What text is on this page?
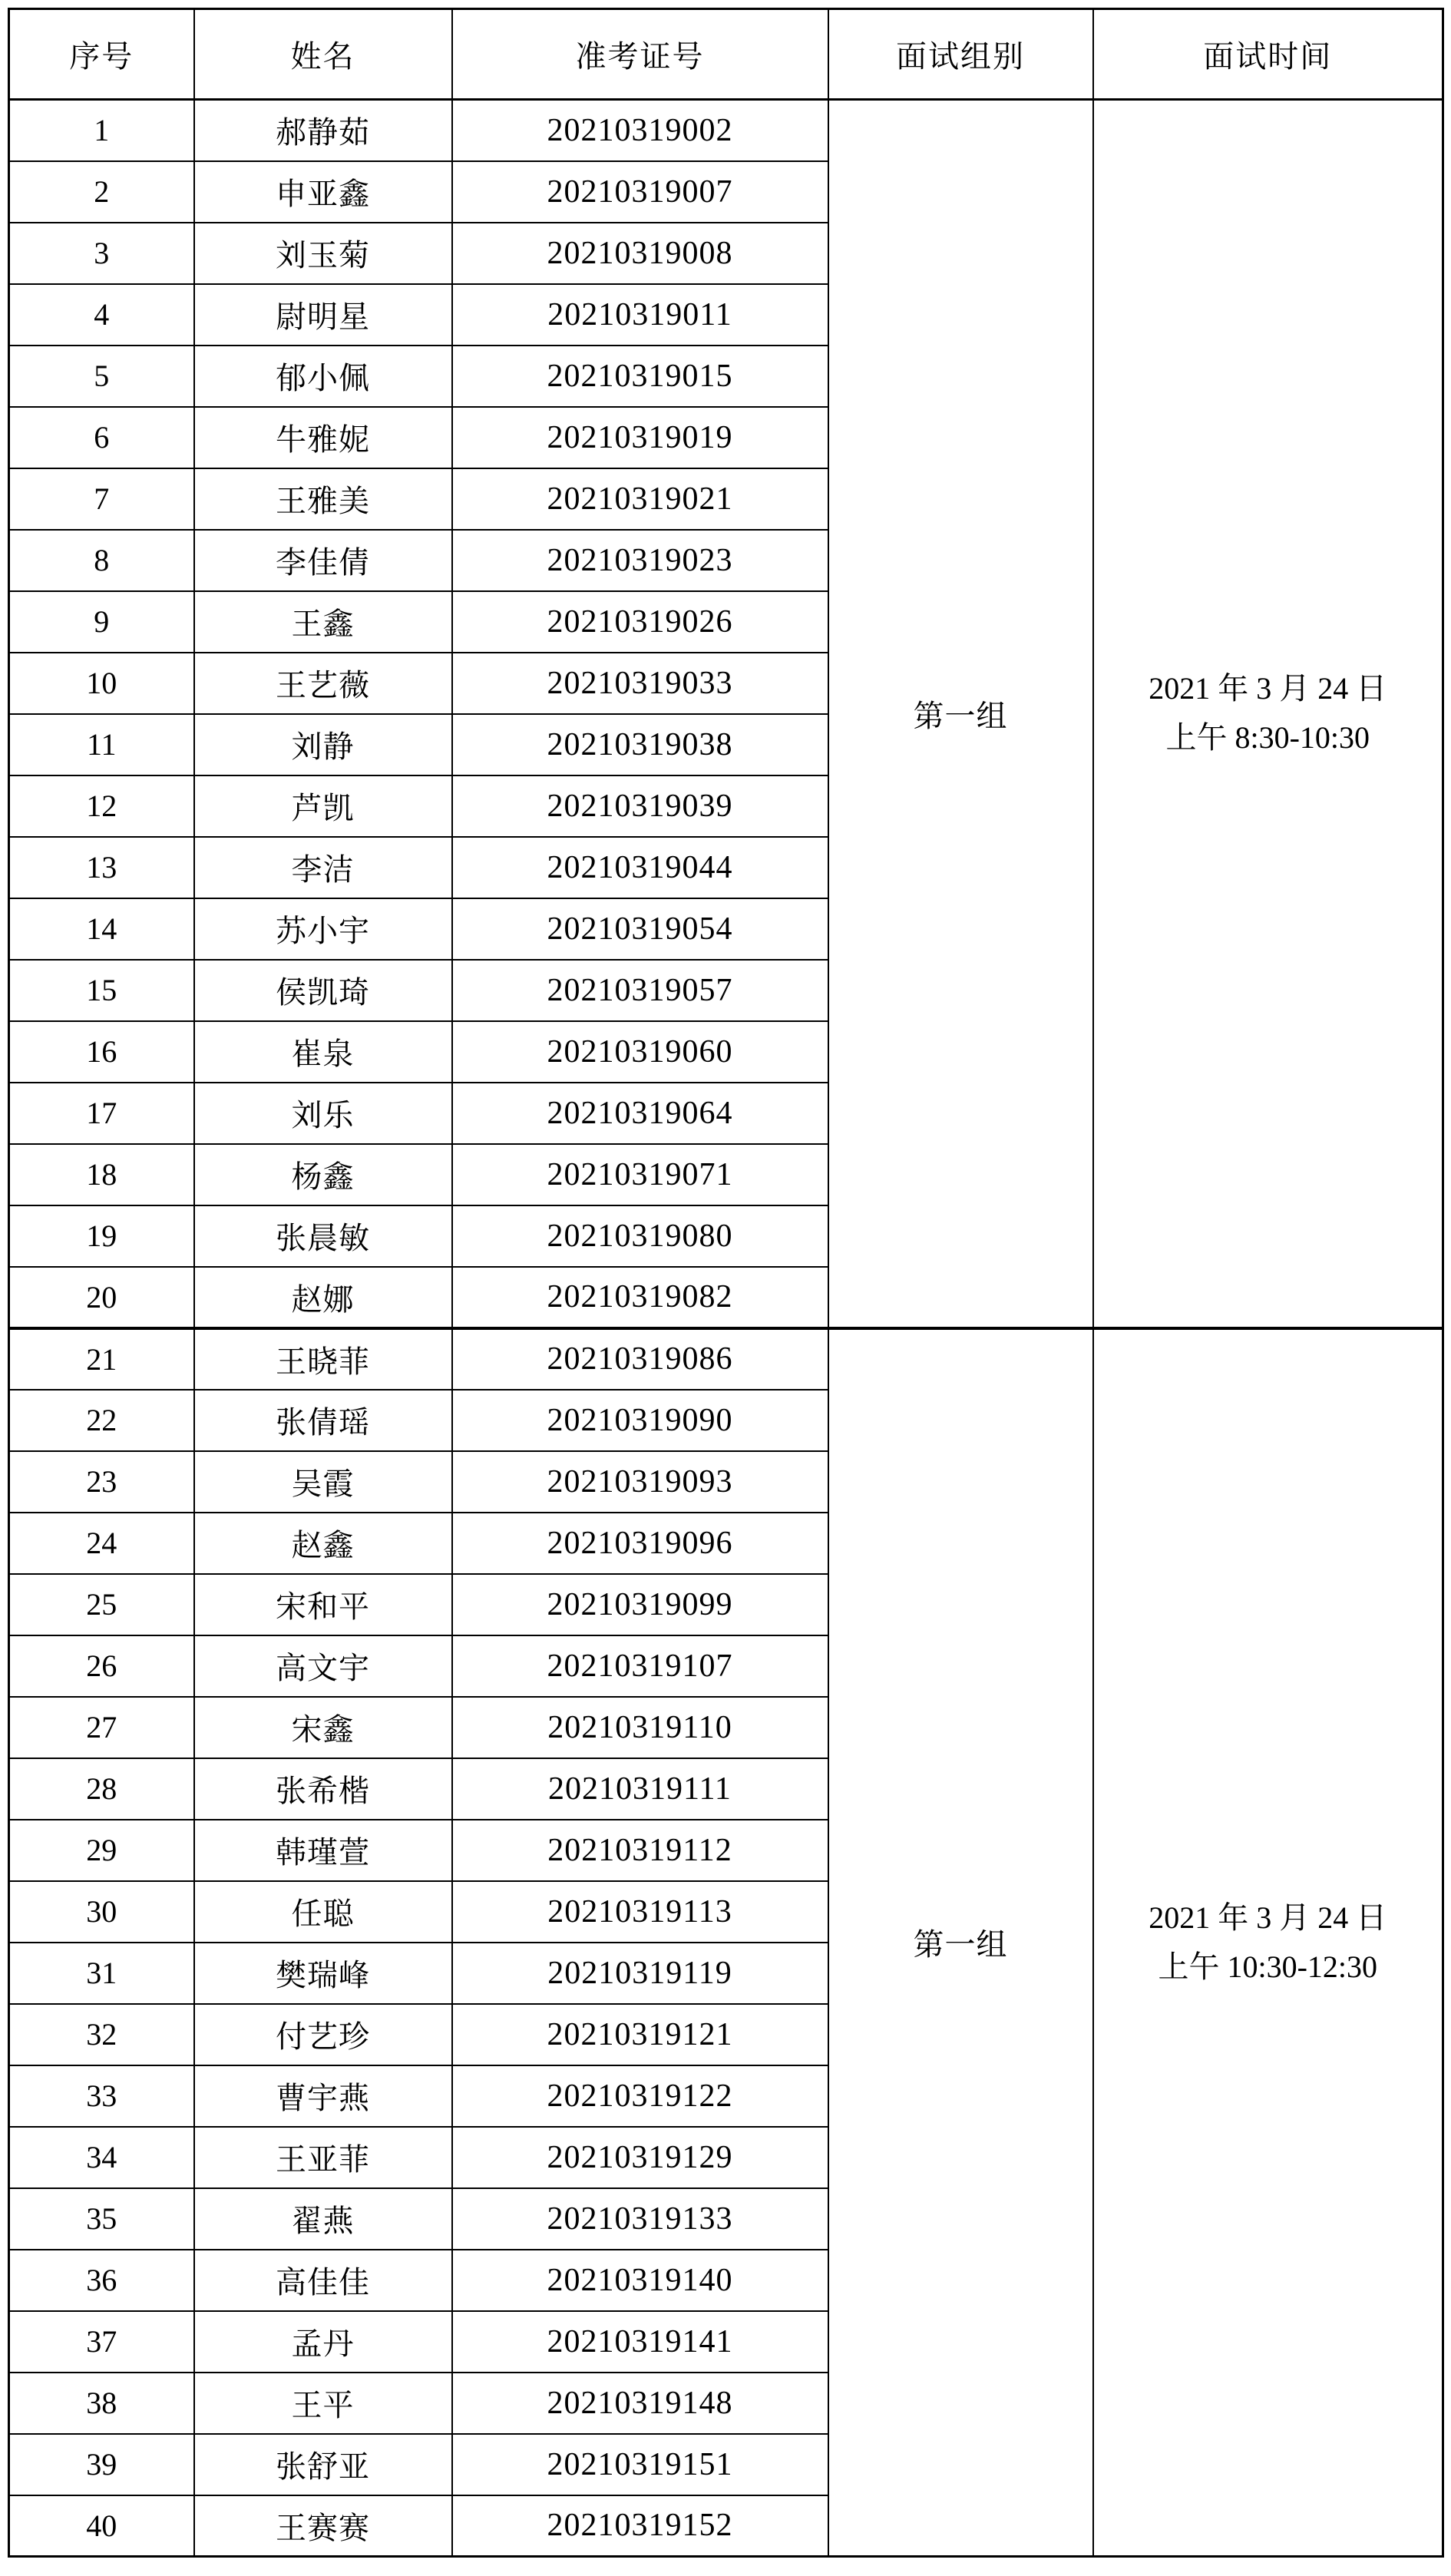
序号	姓名	准考证号	面试组别	面试时间
1	郝静茹	20210319002	第一组	2021 年 3 月 24 日
上午 8:30-10:30

2	申亚鑫	20210319007		
3	刘玉菊	20210319008		
4	尉明星	20210319011		
5	郁小佩	20210319015		
6	牛雅妮	20210319019		
7	王雅美	20210319021		
8	李佳倩	20210319023		
9	王鑫	20210319026		
10	王艺薇	20210319033		
11	刘静	20210319038		
12	芦凯	20210319039		
13	李洁	20210319044		
14	苏小宇	20210319054		
15	侯凯琦	20210319057		
16	崔泉	20210319060		
17	刘乐	20210319064		
18	杨鑫	20210319071		
19	张晨敏	20210319080		
20	赵娜	20210319082		
21	王晓菲	20210319086	第一组	2021 年 3 月 24 日
上午 10:30-12:30

22	张倩瑶	20210319090		
23	吴霞	20210319093		
24	赵鑫	20210319096		
25	宋和平	20210319099		
26	高文宇	20210319107		
27	宋鑫	20210319110		
28	张希楷	20210319111		
29	韩瑾萱	20210319112		
30	任聪	20210319113		
31	樊瑞峰	20210319119		
32	付艺珍	20210319121		
33	曹宇燕	20210319122		
34	王亚菲	20210319129		
35	翟燕	20210319133		
36	高佳佳	20210319140		
37	孟丹	20210319141		
38	王平	20210319148		
39	张舒亚	20210319151		
40	王赛赛	20210319152		
